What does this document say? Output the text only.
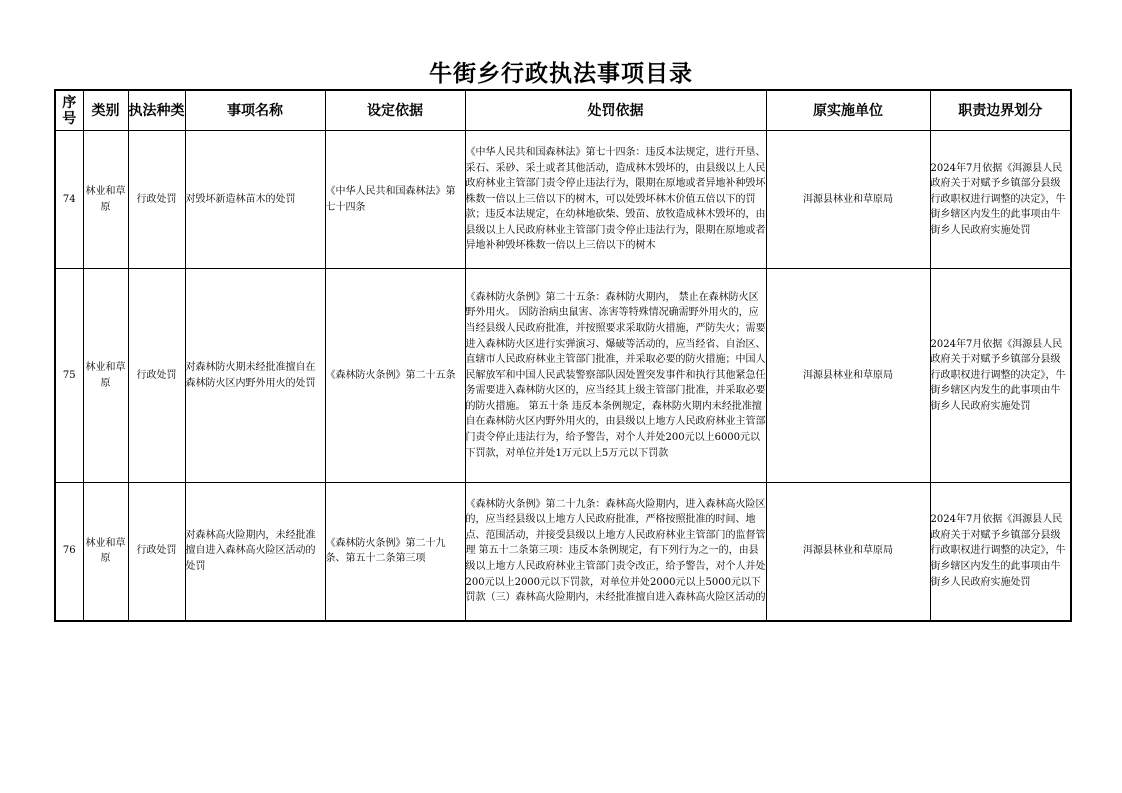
牛街乡行政执法事项目录
序号	类别	执法种类	事项名称	设定依据	处罚依据	原实施单位	职责边界划分
74	林业和草原	行政处罚	对毁坏新造林苗木的处罚	《中华人民共和国森林法》第七十四条	《中华人民共和国森林法》第七十四条：违反本法规定，进行开垦、采石、采砂、采土或者其他活动，造成林木毁坏的，由县级以上人民政府林业主管部门责令停止违法行为，限期在原地或者异地补种毁坏株数一倍以上三倍以下的树木，可以处毁坏林木价值五倍以下的罚款；违反本法规定，在幼林地砍柴、毁苗、放牧造成林木毁坏的，由县级以上人民政府林业主管部门责令停止违法行为，限期在原地或者异地补种毁坏株数一倍以上三倍以下的树木	洱源县林业和草原局	2024年7月依据《洱源县人民政府关于对赋予乡镇部分县级行政职权进行调整的决定》，牛街乡辖区内发生的此事项由牛街乡人民政府实施处罚
75	林业和草原	行政处罚	对森林防火期未经批准擅自在森林防火区内野外用火的处罚	《森林防火条例》第二十五条	《森林防火条例》第二十五条：森林防火期内， 禁止在森林防火区野外用火。 因防治病虫鼠害、冻害等特殊情况确需野外用火的，应当经县级人民政府批准，并按照要求采取防火措施，严防失火；需要进入森林防火区进行实弹演习、爆破等活动的，应当经省、自治区、直辖市人民政府林业主管部门批准，并采取必要的防火措施；中国人民解放军和中国人民武装警察部队因处置突发事件和执行其他紧急任务需要进入森林防火区的，应当经其上级主管部门批准，并采取必要的防火措施。 第五十条 违反本条例规定，森林防火期内未经批准擅自在森林防火区内野外用火的，由县级以上地方人民政府林业主管部门责令停止违法行为，给予警告，对个人并处200元以上6000元以下罚款，对单位并处1万元以上5万元以下罚款	洱源县林业和草原局	2024年7月依据《洱源县人民政府关于对赋予乡镇部分县级行政职权进行调整的决定》，牛街乡辖区内发生的此事项由牛街乡人民政府实施处罚
76	林业和草原	行政处罚	对森林高火险期内，未经批准擅自进入森林高火险区活动的处罚	《森林防火条例》第二十九条、第五十二条第三项	《森林防火条例》第二十九条：森林高火险期内，进入森林高火险区的，应当经县级以上地方人民政府批准，严格按照批准的时间、地点、范围活动，并接受县级以上地方人民政府林业主管部门的监督管理 第五十二条第三项：违反本条例规定，有下列行为之一的，由县级以上地方人民政府林业主管部门责令改正，给予警告，对个人并处200元以上2000元以下罚款，对单位并处2000元以上5000元以下罚款（三）森林高火险期内，未经批准擅自进入森林高火险区活动的	洱源县林业和草原局	2024年7月依据《洱源县人民政府关于对赋予乡镇部分县级行政职权进行调整的决定》，牛街乡辖区内发生的此事项由牛街乡人民政府实施处罚
